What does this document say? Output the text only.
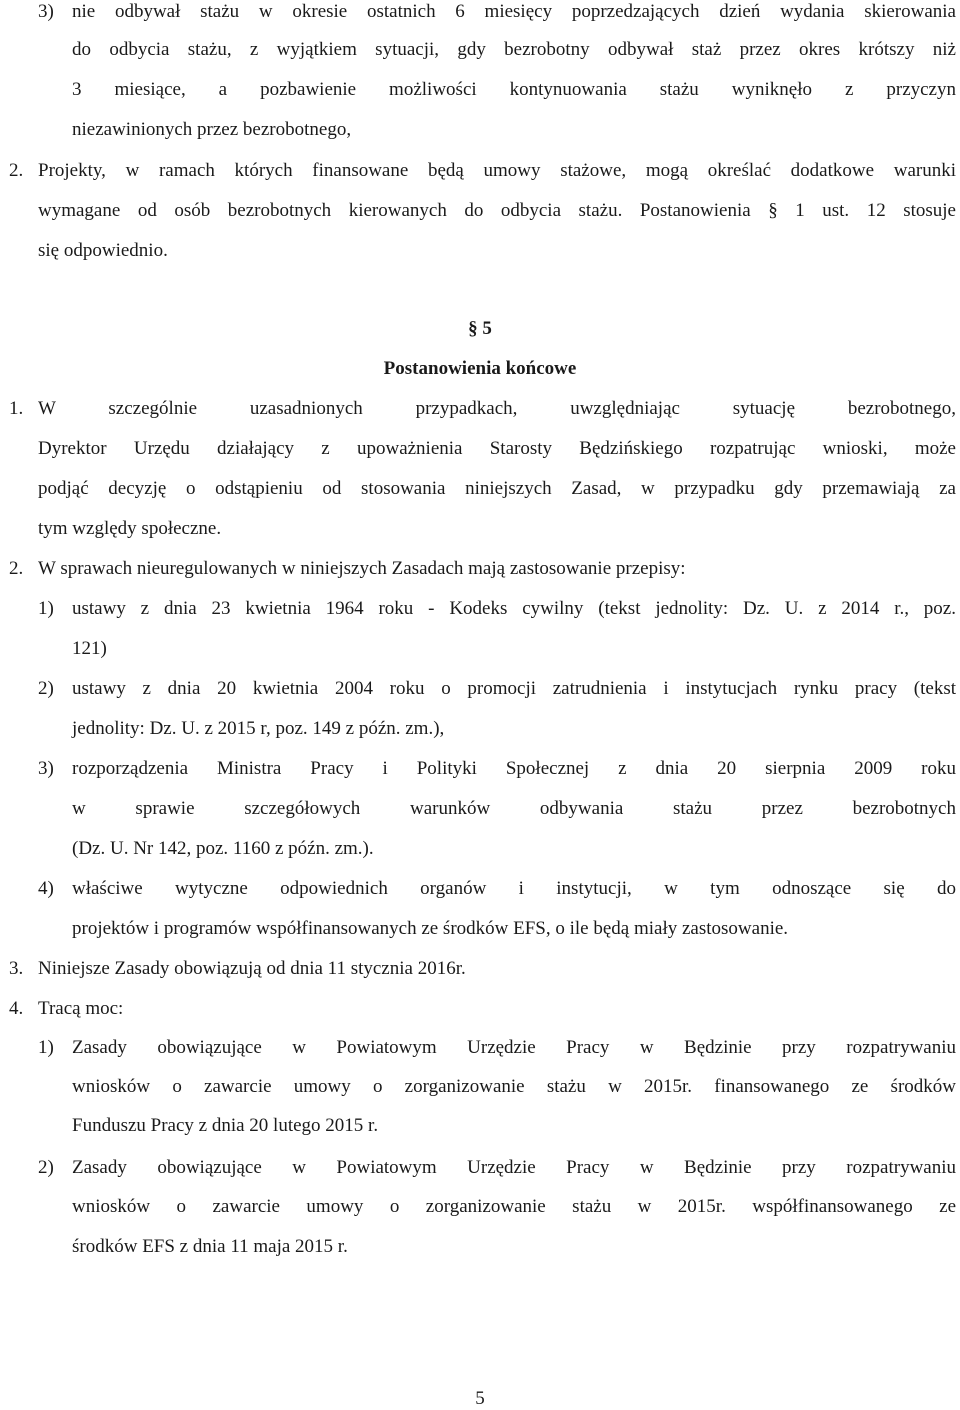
3) nie odbywał stażu w okresie ostatnich 6 miesięcy poprzedzających dzień wydania skierowania
do odbycia stażu, z wyjątkiem sytuacji, gdy bezrobotny odbywał staż przez okres krótszy niż
3 miesiące, a pozbawienie możliwości kontynuowania stażu wyniknęło z przyczyn
niezawinionych przez bezrobotnego,
2. Projekty, w ramach których finansowane będą umowy stażowe, mogą określać dodatkowe warunki
wymagane od osób bezrobotnych kierowanych do odbycia stażu. Postanowienia § 1 ust. 12 stosuje
się odpowiednio.
§ 5
Postanowienia końcowe
1. W szczególnie uzasadnionych przypadkach, uwzględniając sytuację bezrobotnego,
Dyrektor Urzędu działający z upoważnienia Starosty Będzińskiego rozpatrując wnioski, może
podjąć decyzję o odstąpieniu od stosowania niniejszych Zasad, w przypadku gdy przemawiają za
tym względy społeczne.
2. W sprawach nieuregulowanych w niniejszych Zasadach mają zastosowanie przepisy:
1) ustawy z dnia 23 kwietnia 1964 roku - Kodeks cywilny (tekst jednolity: Dz. U. z 2014 r., poz.
121)
2) ustawy z dnia 20 kwietnia 2004 roku o promocji zatrudnienia i instytucjach rynku pracy (tekst
jednolity: Dz. U. z 2015 r, poz. 149 z późn. zm.),
3) rozporządzenia Ministra Pracy i Polityki Społecznej z dnia 20 sierpnia 2009 roku
w sprawie szczegółowych warunków odbywania stażu przez bezrobotnych
(Dz. U. Nr 142, poz. 1160 z późn. zm.).
4) właściwe wytyczne odpowiednich organów i instytucji, w tym odnoszące się do
projektów i programów współfinansowanych ze środków EFS, o ile będą miały zastosowanie.
3. Niniejsze Zasady obowiązują od dnia 11 stycznia 2016r.
4. Tracą moc:
1) Zasady obowiązujące w Powiatowym Urzędzie Pracy w Będzinie przy rozpatrywaniu
wniosków o zawarcie umowy o zorganizowanie stażu w 2015r. finansowanego ze środków
Funduszu Pracy z dnia 20 lutego 2015 r.
2) Zasady obowiązujące w Powiatowym Urzędzie Pracy w Będzinie przy rozpatrywaniu
wniosków o zawarcie umowy o zorganizowanie stażu w 2015r. współfinansowanego ze
środków EFS z dnia 11 maja 2015 r.
5
